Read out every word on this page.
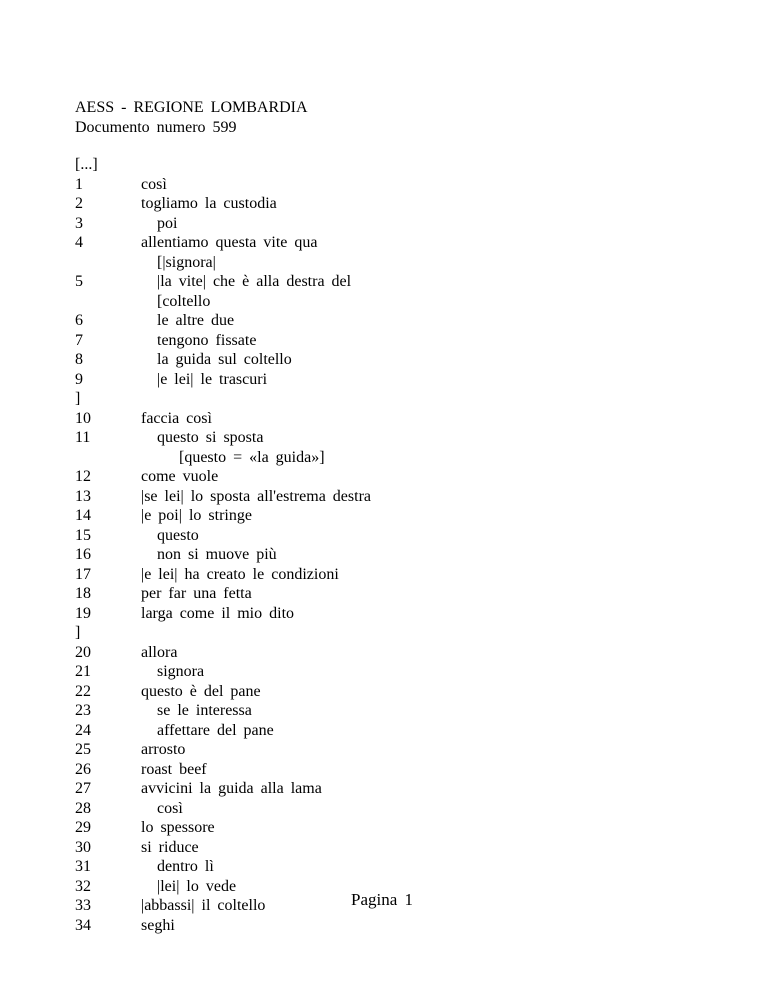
AESS - REGIONE LOMBARDIA
Documento numero 599
[...]
1	così
2	togliamo la custodia
3	poi
4	allentiamo questa vite qua
[|signora|
5	|la vite| che è alla destra del
[coltello
6	le altre due
7	tengono fissate
8	la guida sul coltello
9	|e lei| le trascuri
]
10	faccia così
11	questo si sposta
[questo = «la guida»]
12	come vuole
13	|se lei| lo sposta all'estrema destra
14	|e poi| lo stringe
15	questo
16	non si muove più
17	|e lei| ha creato le condizioni
18	per far una fetta
19	larga come il mio dito
]
20	allora
21	signora
22	questo è del pane
23	se le interessa
24	affettare del pane
25	arrosto
26	roast beef
27	avvicini la guida alla lama
28	così
29	lo spessore
30	si riduce
31	dentro lì
32	|lei| lo vede
33	|abbassi| il coltello
34	seghi
Pagina 1
